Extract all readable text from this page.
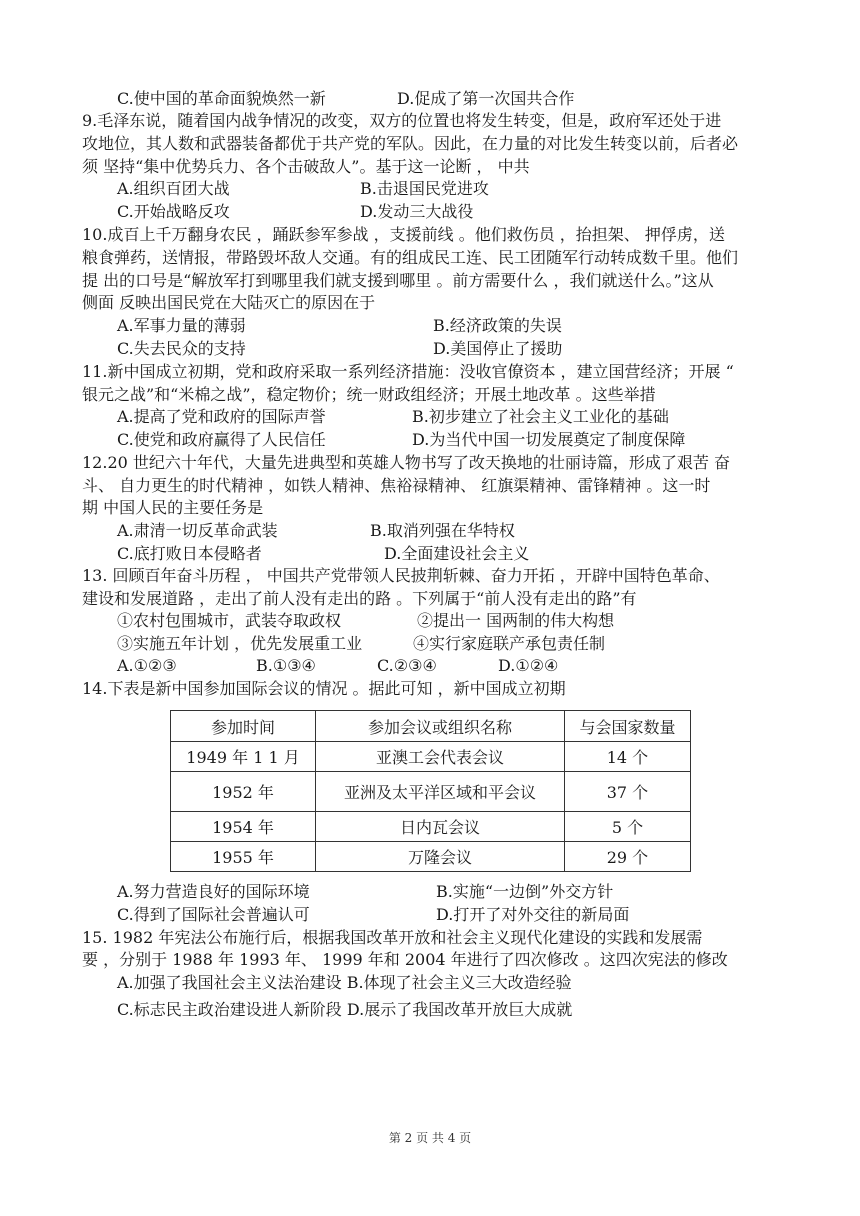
C.使中国的革命面貌焕然一新	D.促成了第一次国共合作
9.毛泽东说，随着国内战争情况的改变，双方的位置也将发生转变，但是，政府军还处于进
攻地位，其人数和武器装备都优于共产党的军队。因此，在力量的对比发生转变以前，后者必
须 坚持“集中优势兵力、各个击破敌人”。基于这一论断 ， 中共
A.组织百团大战	B.击退国民党进攻
C.开始战略反攻	D.发动三大战役
10.成百上千万翻身农民 ，踊跃参军参战 ，支援前线 。他们救伤员 ，抬担架、 押俘虏，送
粮食弹药，送情报，带路毁坏敌人交通。有的组成民工连、民工团随军行动转成数千里。他们
提 出的口号是“解放军打到哪里我们就支援到哪里 。前方需要什么 ，我们就送什么。”这从
侧面 反映出国民党在大陆灭亡的原因在于
A.军事力量的薄弱	B.经济政策的失误
C.失去民众的支持	D.美国停止了援助
11.新中国成立初期，党和政府采取一系列经济措施：没收官僚资本 ，建立国营经济；开展 “
银元之战”和“米棉之战”，稳定物价；统一财政组经济；开展土地改革 。这些举措
A.提高了党和政府的国际声誉	B.初步建立了社会主义工业化的基础
C.使党和政府赢得了人民信任	D.为当代中国一切发展奠定了制度保障
12.20 世纪六十年代，大量先进典型和英雄人物书写了改天换地的壮丽诗篇，形成了艰苦 奋
斗、 自力更生的时代精神 ，如铁人精神、焦裕禄精神、 红旗渠精神、雷锋精神 。这一时
期 中国人民的主要任务是
A.肃清一切反革命武装	B.取消列强在华特权
C.底打败日本侵略者	D.全面建设社会主义
13. 回顾百年奋斗历程 ， 中国共产党带领人民披荆斩棘、奋力开拓 ，开辟中国特色革命、
建设和发展道路 ，走出了前人没有走出的路 。下列属于“前人没有走出的路”有
①农村包围城市，武装夺取政权	②提出一 国两制的伟大构想
③实施五年计划 ，优先发展重工业	④实行家庭联产承包责任制
A.①②③	B.①③④	C.②③④	D.①②④
14.下表是新中国参加国际会议的情况 。据此可知 ，新中国成立初期
参加时间	参加会议或组织名称	与会国家数量
1949 年 1 1 月	亚澳工会代表会议	14 个
1952 年	亚洲及太平洋区域和平会议	37 个
1954 年	日内瓦会议	5 个
1955 年	万隆会议	29 个
A.努力营造良好的国际环境	B.实施“一边倒”外交方针
C.得到了国际社会普遍认可	D.打开了对外交往的新局面
15. 1982 年宪法公布施行后，根据我国改革开放和社会主义现代化建设的实践和发展需
要 ，分别于 1988 年 1993 年、 1999 年和 2004 年进行了四次修改 。这四次宪法的修改
A.加强了我国社会主义法治建设 B.体现了社会主义三大改造经验
C.标志民主政治建设进人新阶段 D.展示了我国改革开放巨大成就
第 2 页 共 4 页
